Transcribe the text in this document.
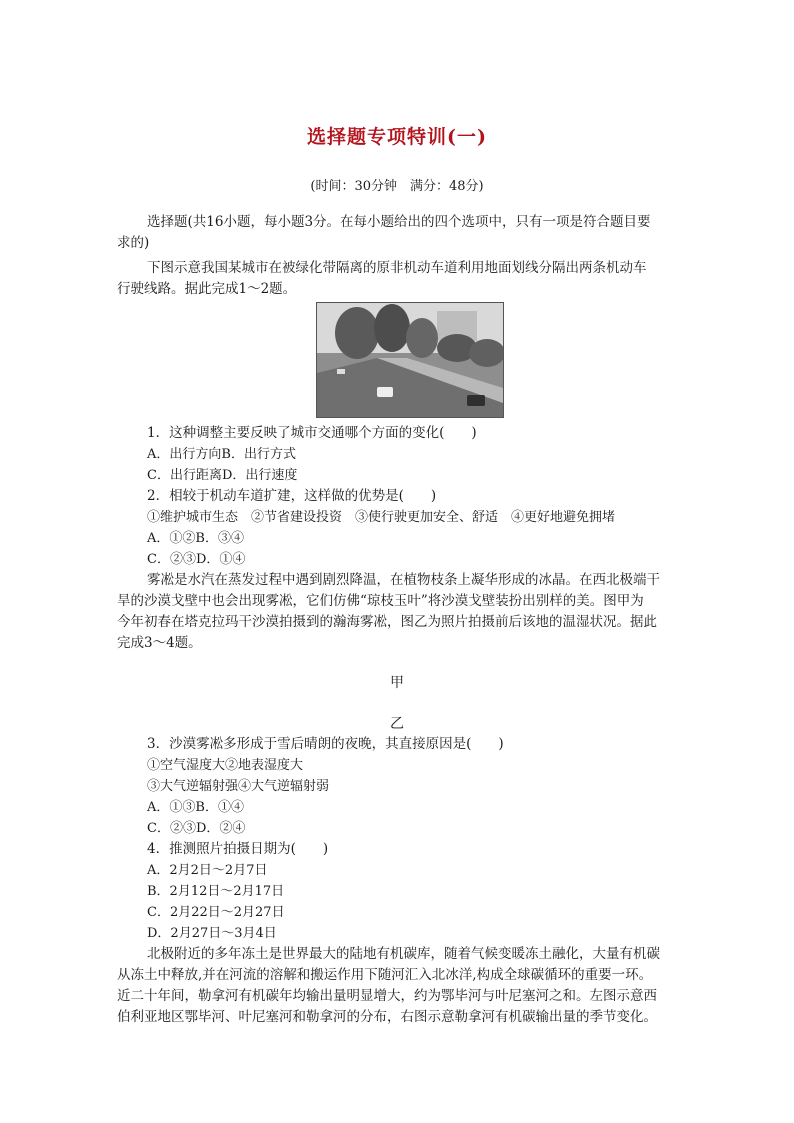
选择题专项特训(一)
(时间：30分钟　满分：48分)
选择题(共16小题，每小题3分。在每小题给出的四个选项中，只有一项是符合题目要
求的)
下图示意我国某城市在被绿化带隔离的原非机动车道利用地面划线分隔出两条机动车
行驶线路。据此完成1～2题。
1．这种调整主要反映了城市交通哪个方面的变化(　　)
A．出行方向B．出行方式
C．出行距离D．出行速度
2．相较于机动车道扩建，这样做的优势是(　　)
①维护城市生态　②节省建设投资　③使行驶更加安全、舒适　④更好地避免拥堵
A．①②B．③④
C．②③D．①④
雾凇是水汽在蒸发过程中遇到剧烈降温，在植物枝条上凝华形成的冰晶。在西北极端干
旱的沙漠戈壁中也会出现雾凇，它们仿佛“琼枝玉叶”将沙漠戈壁装扮出别样的美。图甲为
今年初春在塔克拉玛干沙漠拍摄到的瀚海雾凇，图乙为照片拍摄前后该地的温湿状况。据此
完成3～4题。
甲
乙
3．沙漠雾凇多形成于雪后晴朗的夜晚，其直接原因是(　　)
①空气湿度大②地表湿度大
③大气逆辐射强④大气逆辐射弱
A．①③B．①④
C．②③D．②④
4．推测照片拍摄日期为(　　)
A．2月2日～2月7日
B．2月12日～2月17日
C．2月22日～2月27日
D．2月27日～3月4日
北极附近的多年冻土是世界最大的陆地有机碳库，随着气候变暖冻土融化，大量有机碳
从冻土中释放,并在河流的溶解和搬运作用下随河汇入北冰洋,构成全球碳循环的重要一环。
近二十年间，勒拿河有机碳年均输出量明显增大，约为鄂毕河与叶尼塞河之和。左图示意西
伯利亚地区鄂毕河、叶尼塞河和勒拿河的分布，右图示意勒拿河有机碳输出量的季节变化。
